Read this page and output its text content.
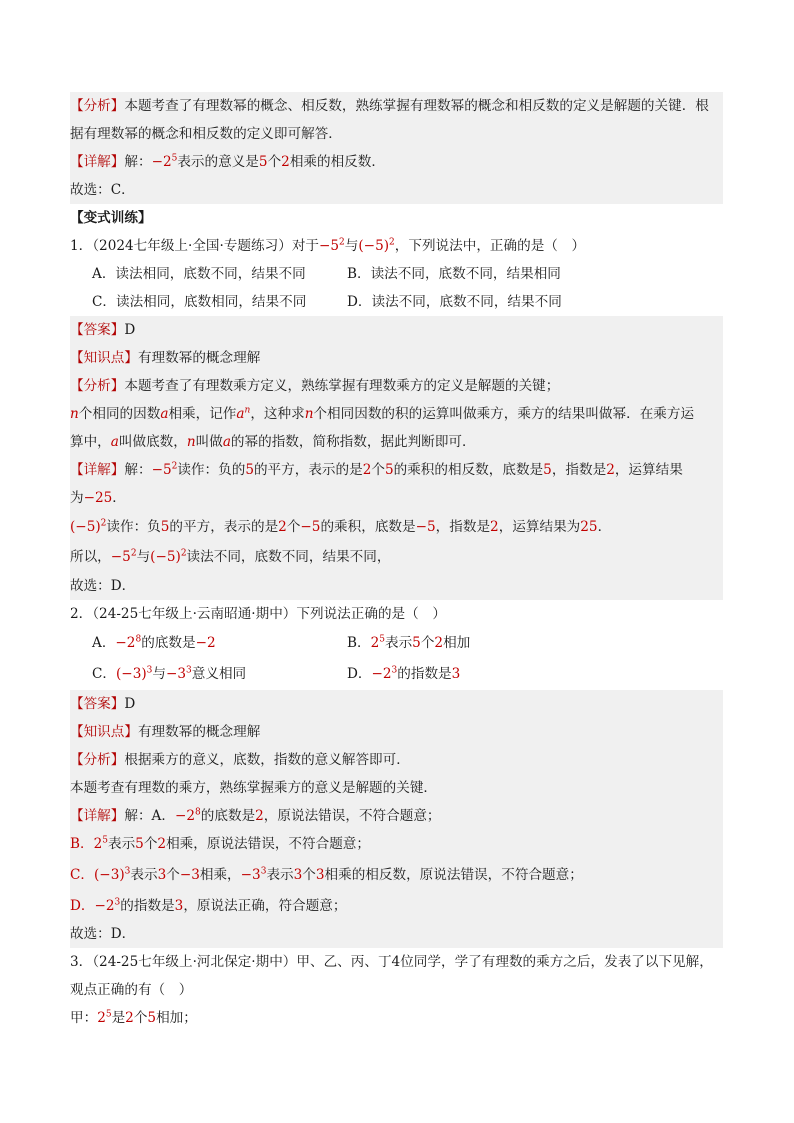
【分析】本题考查了有理数幂的概念、相反数，熟练掌握有理数幂的概念和相反数的定义是解题的关键．根
据有理数幂的概念和相反数的定义即可解答．
【详解】解：$-2^5$表示的意义是5个2相乘的相反数．
故选：C．
【变式训练】
1．（2024七年级上·全国·专题练习）对于$-5^2$与$(-5)^2$，下列说法中，正确的是（　）
A．读法相同，底数不同，结果不同	B．读法不同，底数不同，结果相同
C．读法相同，底数相同，结果不同	D．读法不同，底数不同，结果不同
【答案】D
【知识点】有理数幂的概念理解
【分析】本题考查了有理数乘方定义，熟练掌握有理数乘方的定义是解题的关键；
n个相同的因数a相乘，记作$a^n$，这种求n个相同因数的积的运算叫做乘方，乘方的结果叫做幂．在乘方运
算中，a叫做底数，n叫做a的幂的指数，简称指数，据此判断即可．
【详解】解：$-5^2$读作：负的5的平方，表示的是2个5的乘积的相反数，底数是5，指数是2，运算结果
为−25．
$(-5)^2$读作：负5的平方，表示的是2个−5的乘积，底数是−5，指数是2，运算结果为25．
所以，$-5^2$与$(-5)^2$读法不同，底数不同，结果不同，
故选：D．
2．（24-25七年级上·云南昭通·期中）下列说法正确的是（　）
A．$-2^8$的底数是−2	B．$2^5$表示5个2相加
C．$(-3)^3$与$-3^3$意义相同	D．$-2^3$的指数是3
【答案】D
【知识点】有理数幂的概念理解
【分析】根据乘方的意义，底数，指数的意义解答即可．
本题考查有理数的乘方，熟练掌握乘方的意义是解题的关键．
【详解】解：A．$-2^8$的底数是2，原说法错误，不符合题意；
B．$2^5$表示5个2相乘，原说法错误，不符合题意；
C．$(-3)^3$表示3个−3相乘，$-3^3$表示3个3相乘的相反数，原说法错误，不符合题意；
D．$-2^3$的指数是3，原说法正确，符合题意；
故选：D．
3．（24-25七年级上·河北保定·期中）甲、乙、丙、丁4位同学，学了有理数的乘方之后，发表了以下见解，
观点正确的有（　）
甲：$2^5$是2个5相加；
